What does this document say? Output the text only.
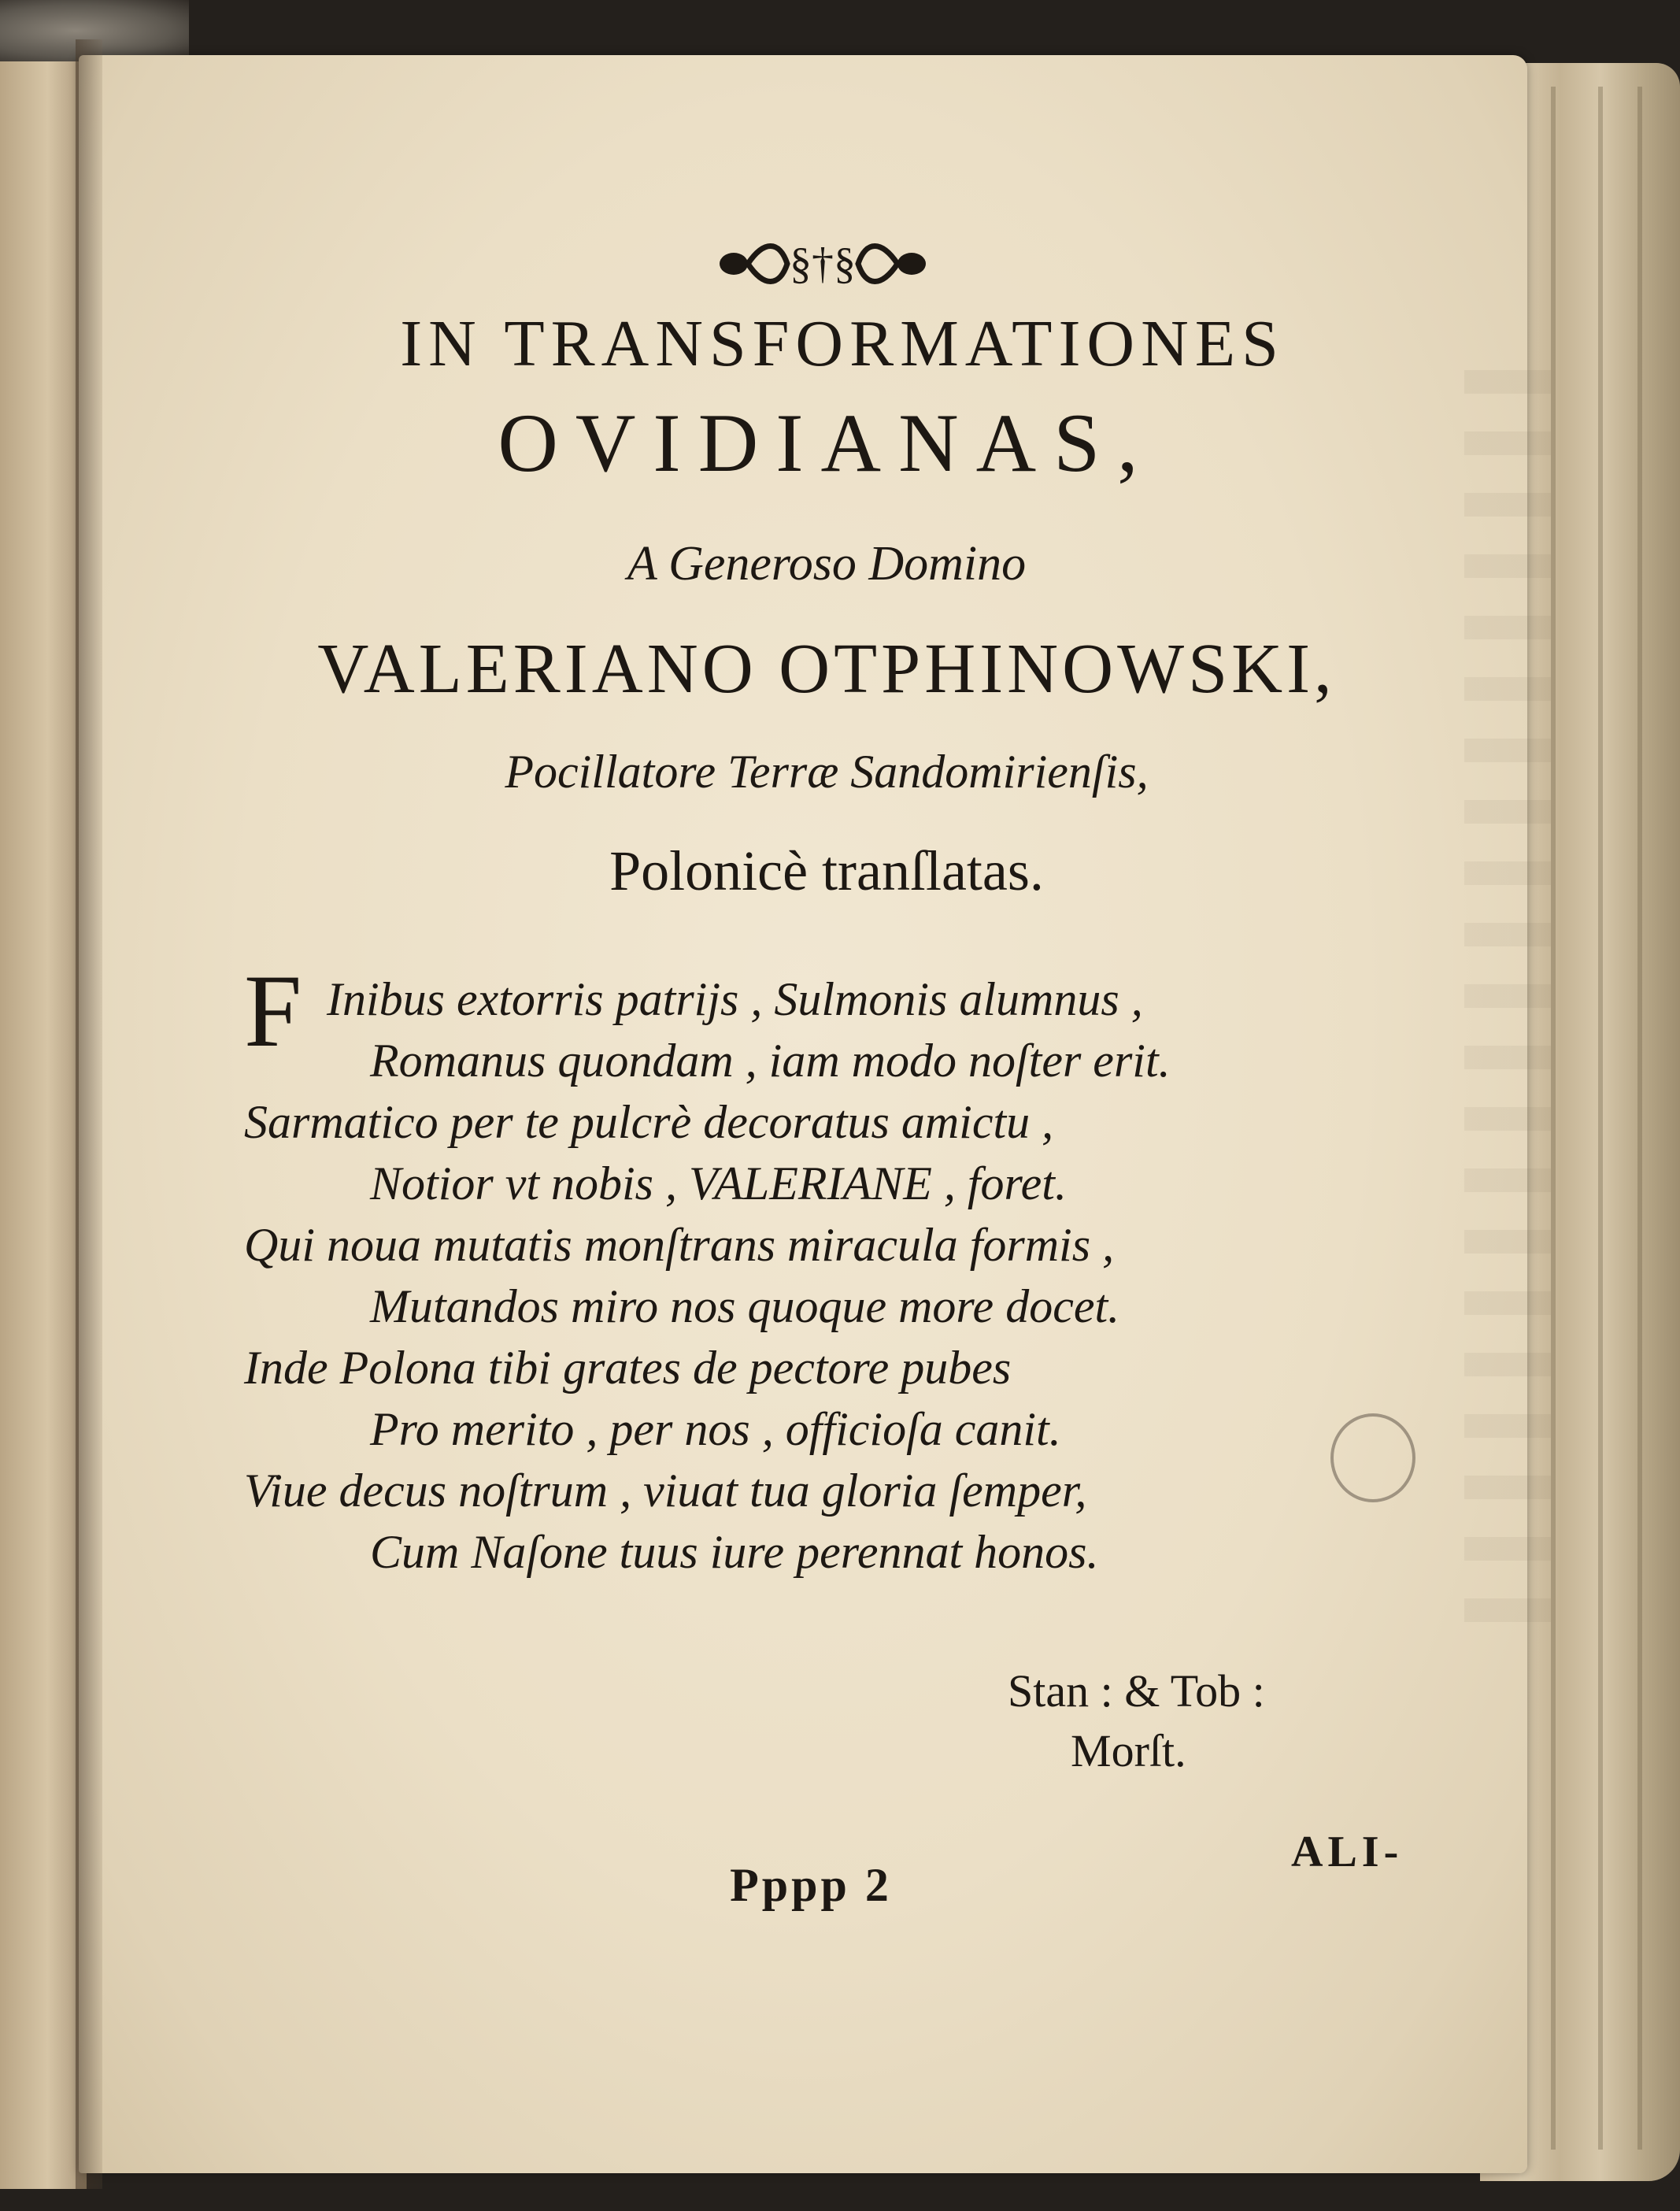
§†§
IN TRANSFORMATIONES
OVIDIANAS,
A Generoso Domino
VALERIANO OTPHINOWSKI,
Pocillatore Terræ Sandomirienſis,
Polonicè tranſlatas.
F Inibus extorris patrijs , Sulmonis alumnus ,
Romanus quondam , iam modo noſter erit.
Sarmatico per te pulcrè decoratus amictu ,
Notior vt nobis , VALERIANE , foret.
Qui noua mutatis monſtrans miracula formis ,
Mutandos miro nos quoque more docet.
Inde Polona tibi grates de pectore pubes
Pro merito , per nos , officioſa canit.
Viue decus noſtrum , viuat tua gloria ſemper,
Cum Naſone tuus iure perennat honos.
Stan : & Tob :
Morſt.
Pppp 2
ALI-
